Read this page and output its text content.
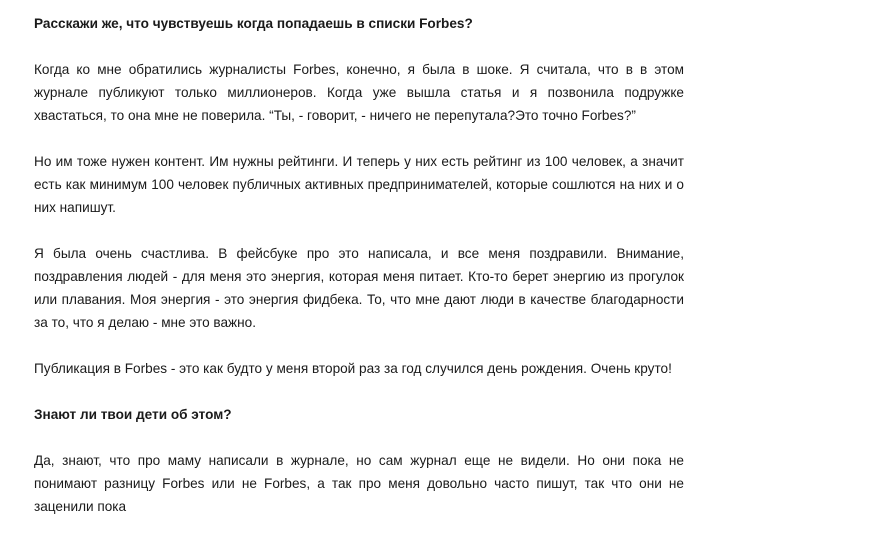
Расскажи же, что чувствуешь когда попадаешь в списки Forbes?

Когда ко мне обратились журналисты Forbes, конечно, я была в шоке. Я считала, что в в этом журнале публикуют только миллионеров. Когда уже вышла статья и я позвонила подружке хвастаться, то она мне не поверила. “Ты, - говорит, - ничего не перепутала?Это точно Forbes?”

Но им тоже нужен контент. Им нужны рейтинги. И теперь у них есть рейтинг из 100 человек, а значит есть как минимум 100 человек публичных активных предпринимателей, которые сошлются на них и о них напишут.

Я была очень счастлива. В фейсбуке про это написала, и все меня поздравили. Внимание, поздравления людей - для меня это энергия, которая меня питает. Кто-то берет энергию из прогулок или плавания. Моя энергия - это энергия фидбека. То, что мне дают люди в качестве благодарности за то, что я делаю - мне это важно.

Публикация в Forbes - это как будто у меня второй раз за год случился день рождения. Очень круто!

Знают ли твои дети об этом?

Да, знают, что про маму написали в журнале, но сам журнал еще не видели. Но они пока не понимают разницу Forbes или не Forbes, а так про меня довольно часто пишут, так что они не заценили пока
